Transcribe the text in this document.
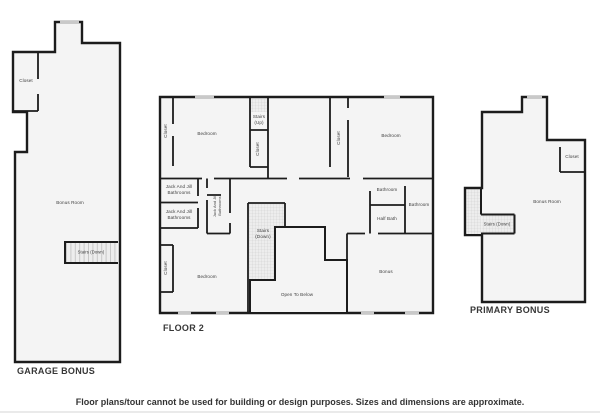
Closet
Bonus Room
Stairs (Down)
GARAGE BONUS
Closet	Bedroom
Stairs (Up)
Closet
Closet	Bedroom
Jack And Jill Bathrooms
Jack And Jill Bathrooms
Jack And Jill Bathrooms
Bathroom
Bathroom
Half Bath
Stairs (Down)
Open To Below
Bonus
Closet
Bedroom
FLOOR 2
Closet
Bonus Room
Stairs (Down)
PRIMARY BONUS
Floor plans/tour cannot be used for building or design purposes. Sizes and dimensions are approximate.
